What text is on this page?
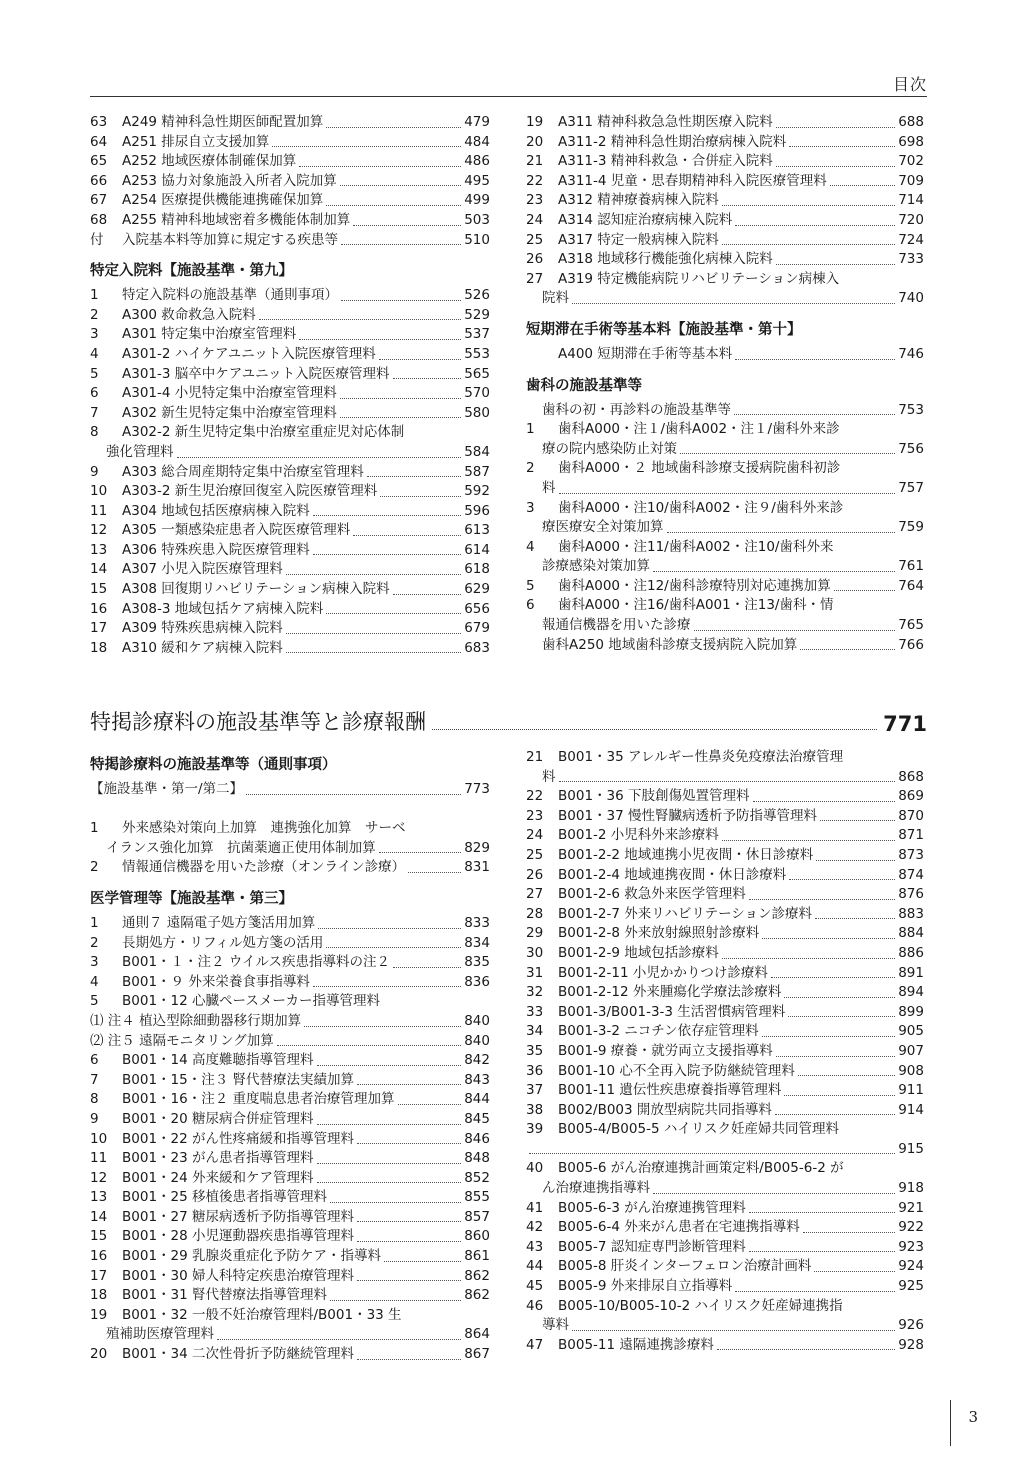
目次
63	A249 精神科急性期医師配置加算	479
64	A251 排尿自立支援加算	484
65	A252 地域医療体制確保加算	486
66	A253 協力対象施設入所者入院加算	495
67	A254 医療提供機能連携確保加算	499
68	A255 精神科地域密着多機能体制加算	503
付	入院基本料等加算に規定する疾患等	510
特定入院料【施設基準・第九】
1	特定入院料の施設基準（通則事項）	526
2	A300 救命救急入院料	529
3	A301 特定集中治療室管理料	537
4	A301-2 ハイケアユニット入院医療管理料	553
5	A301-3 脳卒中ケアユニット入院医療管理料	565
6	A301-4 小児特定集中治療室管理料	570
7	A302 新生児特定集中治療室管理料	580
8	A302-2 新生児特定集中治療室重症児対応体制
強化管理料	584
9	A303 総合周産期特定集中治療室管理料	587
10	A303-2 新生児治療回復室入院医療管理料	592
11	A304 地域包括医療病棟入院料	596
12	A305 一類感染症患者入院医療管理料	613
13	A306 特殊疾患入院医療管理料	614
14	A307 小児入院医療管理料	618
15	A308 回復期リハビリテーション病棟入院料	629
16	A308-3 地域包括ケア病棟入院料	656
17	A309 特殊疾患病棟入院料	679
18	A310 緩和ケア病棟入院料	683
19	A311 精神科救急急性期医療入院料	688
20	A311-2 精神科急性期治療病棟入院料	698
21	A311-3 精神科救急・合併症入院料	702
22	A311-4 児童・思春期精神科入院医療管理料	709
23	A312 精神療養病棟入院料	714
24	A314 認知症治療病棟入院料	720
25	A317 特定一般病棟入院料	724
26	A318 地域移行機能強化病棟入院料	733
27	A319 特定機能病院リハビリテーション病棟入
院料	740
短期滞在手術等基本料【施設基準・第十】
A400 短期滞在手術等基本料	746
歯科の施設基準等
歯科の初・再診料の施設基準等	753
1	歯科A000・注１/歯科A002・注１/歯科外来診
療の院内感染防止対策	756
2	歯科A000・２ 地域歯科診療支援病院歯科初診
料	757
3	歯科A000・注10/歯科A002・注９/歯科外来診
療医療安全対策加算	759
4	歯科A000・注11/歯科A002・注10/歯科外来
診療感染対策加算	761
5	歯科A000・注12/歯科診療特別対応連携加算	764
6	歯科A000・注16/歯科A001・注13/歯科・情
報通信機器を用いた診療	765
歯科A250 地域歯科診療支援病院入院加算	766
特掲診療料の施設基準等と診療報酬	771
特掲診療料の施設基準等（通則事項）
【施設基準・第一/第二】	773
1	外来感染対策向上加算　連携強化加算　サーベ
イランス強化加算　抗菌薬適正使用体制加算	829
2	情報通信機器を用いた診療（オンライン診療）	831
医学管理等【施設基準・第三】
1	通則７ 遠隔電子処方箋活用加算	833
2	長期処方・リフィル処方箋の活用	834
3	B001・１・注２ ウイルス疾患指導料の注２	835
4	B001・９ 外来栄養食事指導料	836
5	B001・12 心臓ペースメーカー指導管理料
⑴ 注４ 植込型除細動器移行期加算	840
⑵ 注５ 遠隔モニタリング加算	840
6	B001・14 高度難聴指導管理料	842
7	B001・15・注３ 腎代替療法実績加算	843
8	B001・16・注２ 重度喘息患者治療管理加算	844
9	B001・20 糖尿病合併症管理料	845
10	B001・22 がん性疼痛緩和指導管理料	846
11	B001・23 がん患者指導管理料	848
12	B001・24 外来緩和ケア管理料	852
13	B001・25 移植後患者指導管理料	855
14	B001・27 糖尿病透析予防指導管理料	857
15	B001・28 小児運動器疾患指導管理料	860
16	B001・29 乳腺炎重症化予防ケア・指導料	861
17	B001・30 婦人科特定疾患治療管理料	862
18	B001・31 腎代替療法指導管理料	862
19	B001・32 一般不妊治療管理料/B001・33 生
殖補助医療管理料	864
20	B001・34 二次性骨折予防継続管理料	867
21	B001・35 アレルギー性鼻炎免疫療法治療管理
料	868
22	B001・36 下肢創傷処置管理料	869
23	B001・37 慢性腎臓病透析予防指導管理料	870
24	B001-2 小児科外来診療料	871
25	B001-2-2 地域連携小児夜間・休日診療料	873
26	B001-2-4 地域連携夜間・休日診療料	874
27	B001-2-6 救急外来医学管理料	876
28	B001-2-7 外来リハビリテーション診療料	883
29	B001-2-8 外来放射線照射診療料	884
30	B001-2-9 地域包括診療料	886
31	B001-2-11 小児かかりつけ診療料	891
32	B001-2-12 外来腫瘍化学療法診療料	894
33	B001-3/B001-3-3 生活習慣病管理料	899
34	B001-3-2 ニコチン依存症管理料	905
35	B001-9 療養・就労両立支援指導料	907
36	B001-10 心不全再入院予防継続管理料	908
37	B001-11 遺伝性疾患療養指導管理料	911
38	B002/B003 開放型病院共同指導料	914
39	B005-4/B005-5 ハイリスク妊産婦共同管理料
915
40	B005-6 がん治療連携計画策定料/B005-6-2 が
ん治療連携指導料	918
41	B005-6-3 がん治療連携管理料	921
42	B005-6-4 外来がん患者在宅連携指導料	922
43	B005-7 認知症専門診断管理料	923
44	B005-8 肝炎インターフェロン治療計画料	924
45	B005-9 外来排尿自立指導料	925
46	B005-10/B005-10-2 ハイリスク妊産婦連携指
導料	926
47	B005-11 遠隔連携診療料	928
3
